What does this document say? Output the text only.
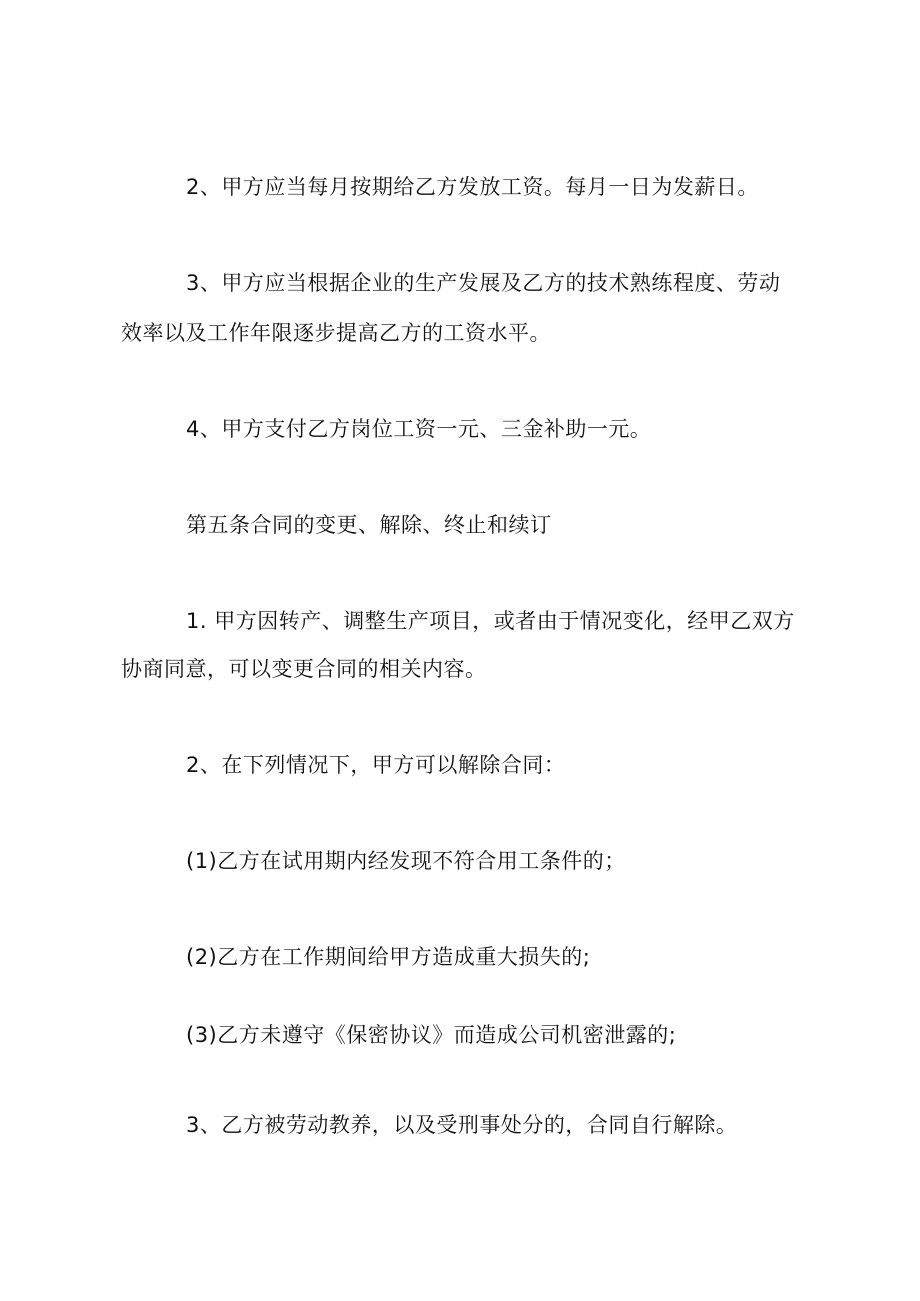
2、甲方应当每月按期给乙方发放工资。每月一日为发薪日。
3、甲方应当根据企业的生产发展及乙方的技术熟练程度、劳动
效率以及工作年限逐步提高乙方的工资水平。
4、甲方支付乙方岗位工资一元、三金补助一元。
第五条合同的变更、解除、终止和续订
1. 甲方因转产、调整生产项目，或者由于情况变化，经甲乙双方
协商同意，可以变更合同的相关内容。
2、在下列情况下，甲方可以解除合同：
(1)乙方在试用期内经发现不符合用工条件的；
(2)乙方在工作期间给甲方造成重大损失的;
(3)乙方未遵守《保密协议》而造成公司机密泄露的;
3、乙方被劳动教养，以及受刑事处分的，合同自行解除。
